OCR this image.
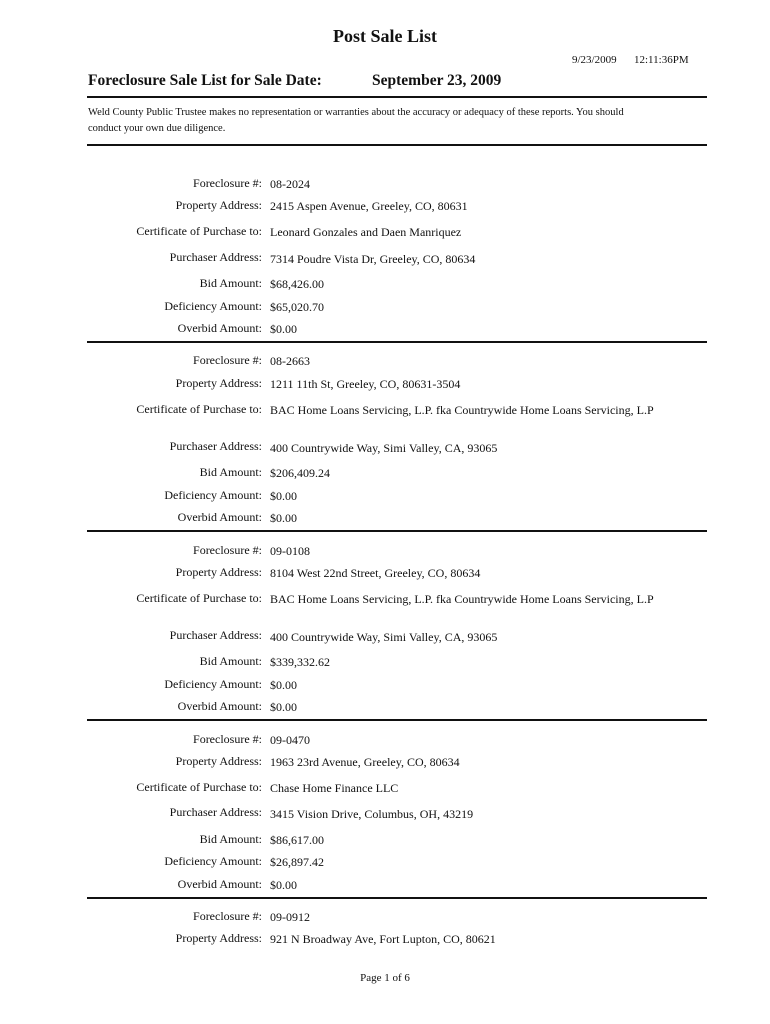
Post Sale List
9/23/2009 12:11:36PM
Foreclosure Sale List for Sale Date:	September 23, 2009
Weld County Public Trustee makes no representation or warranties about the accuracy or adequacy of these reports. You should conduct your own due diligence.
Foreclosure #: 08-2024
Property Address: 2415 Aspen Avenue, Greeley, CO, 80631
Certificate of Purchase to: Leonard Gonzales and Daen Manriquez
Purchaser Address: 7314 Poudre Vista Dr, Greeley, CO, 80634
Bid Amount: $68,426.00
Deficiency Amount: $65,020.70
Overbid Amount: $0.00
Foreclosure #: 08-2663
Property Address: 1211 11th St, Greeley, CO, 80631-3504
Certificate of Purchase to: BAC Home Loans Servicing, L.P. fka Countrywide Home Loans Servicing, L.P
Purchaser Address: 400 Countrywide Way, Simi Valley, CA, 93065
Bid Amount: $206,409.24
Deficiency Amount: $0.00
Overbid Amount: $0.00
Foreclosure #: 09-0108
Property Address: 8104 West 22nd Street, Greeley, CO, 80634
Certificate of Purchase to: BAC Home Loans Servicing, L.P. fka Countrywide Home Loans Servicing, L.P
Purchaser Address: 400 Countrywide Way, Simi Valley, CA, 93065
Bid Amount: $339,332.62
Deficiency Amount: $0.00
Overbid Amount: $0.00
Foreclosure #: 09-0470
Property Address: 1963 23rd Avenue, Greeley, CO, 80634
Certificate of Purchase to: Chase Home Finance LLC
Purchaser Address: 3415 Vision Drive, Columbus, OH, 43219
Bid Amount: $86,617.00
Deficiency Amount: $26,897.42
Overbid Amount: $0.00
Foreclosure #: 09-0912
Property Address: 921 N Broadway Ave, Fort Lupton, CO, 80621
Page 1 of 6
